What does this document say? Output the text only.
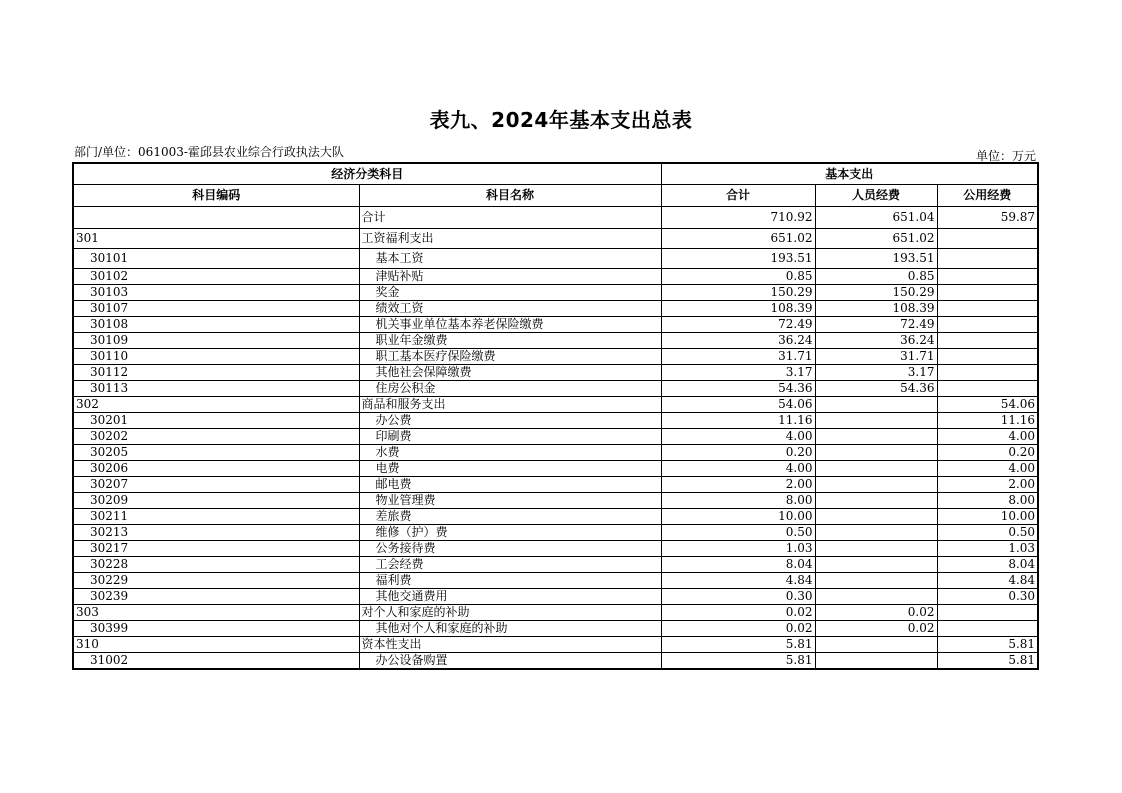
表九、2024年基本支出总表
部门/单位：061003-霍邱县农业综合行政执法大队	单位：万元
经济分类科目		基本支出		
科目编码	科目名称	合计	人员经费	公用经费
	合计	710.92	651.04	59.87
301	工资福利支出	651.02	651.02	
30101	基本工资	193.51	193.51	
30102	津贴补贴	0.85	0.85	
30103	奖金	150.29	150.29	
30107	绩效工资	108.39	108.39	
30108	机关事业单位基本养老保险缴费	72.49	72.49	
30109	职业年金缴费	36.24	36.24	
30110	职工基本医疗保险缴费	31.71	31.71	
30112	其他社会保障缴费	3.17	3.17	
30113	住房公积金	54.36	54.36	
302	商品和服务支出	54.06		54.06
30201	办公费	11.16		11.16
30202	印刷费	4.00		4.00
30205	水费	0.20		0.20
30206	电费	4.00		4.00
30207	邮电费	2.00		2.00
30209	物业管理费	8.00		8.00
30211	差旅费	10.00		10.00
30213	维修（护）费	0.50		0.50
30217	公务接待费	1.03		1.03
30228	工会经费	8.04		8.04
30229	福利费	4.84		4.84
30239	其他交通费用	0.30		0.30
303	对个人和家庭的补助	0.02	0.02	
30399	其他对个人和家庭的补助	0.02	0.02	
310	资本性支出	5.81		5.81
31002	办公设备购置	5.81		5.81
